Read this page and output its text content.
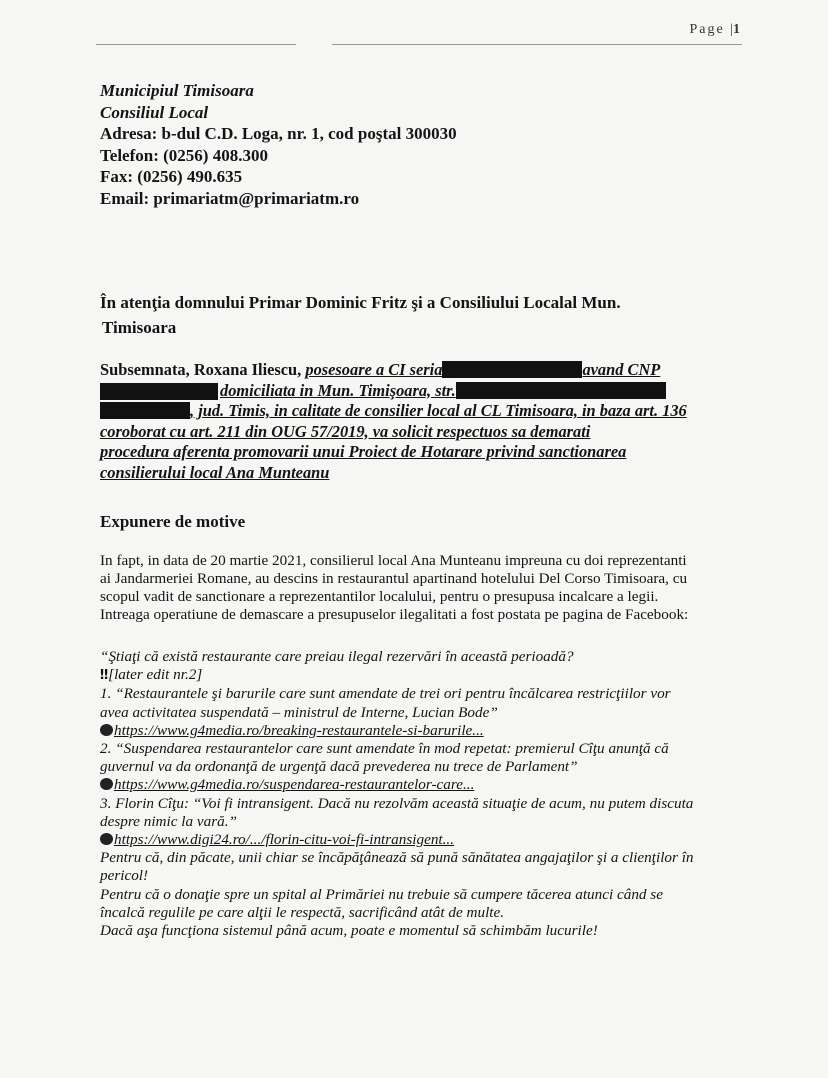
Page |1
Municipiul Timisoara
Consiliul Local
Adresa: b-dul C.D. Loga, nr. 1, cod poştal 300030
Telefon: (0256) 408.300
Fax: (0256) 490.635
Email: primariatm@primariatm.ro
În atenţia domnului Primar Dominic Fritz şi a Consiliului Localal Mun.
Timisoara
Subsemnata, Roxana Iliescu, posesoare a CI seria	avand CNP
domiciliata in Mun. Timişoara, str.
, jud. Timis, in calitate de consilier local al CL Timisoara, in baza art. 136
coroborat cu art. 211 din OUG 57/2019, va solicit respectuos sa demarati
procedura aferenta promovarii unui Proiect de Hotarare privind sanctionarea
consilierului local Ana Munteanu
Expunere de motive
In fapt, in data de 20 martie 2021, consilierul local Ana Munteanu impreuna cu doi reprezentanti
ai Jandarmeriei Romane, au descins in restaurantul apartinand hotelului Del Corso Timisoara, cu
scopul vadit de sanctionare a reprezentantilor localului, pentru o presupusa incalcare a legii.
Intreaga operatiune de demascare a presupuselor ilegalitati a fost postata pe pagina de Facebook:
“Ştiaţi că există restaurante care preiau ilegal rezervări în această perioadă?
‼[later edit nr.2]
1. “Restaurantele şi barurile care sunt amendate de trei ori pentru încălcarea restricţiilor vor
avea activitatea suspendată – ministrul de Interne, Lucian Bode”
https://www.g4media.ro/breaking-restaurantele-si-barurile...
2. “Suspendarea restaurantelor care sunt amendate în mod repetat: premierul Cîţu anunţă că
guvernul va da ordonanţă de urgenţă dacă prevederea nu trece de Parlament”
https://www.g4media.ro/suspendarea-restaurantelor-care...
3. Florin Cîţu: “Voi fi intransigent. Dacă nu rezolvăm această situaţie de acum, nu putem discuta
despre nimic la vară.”
https://www.digi24.ro/.../florin-citu-voi-fi-intransigent...
Pentru că, din păcate, unii chiar se încăpăţânează să pună sănătatea angajaţilor şi a clienţilor în
pericol!
Pentru că o donaţie spre un spital al Primăriei nu trebuie să cumpere tăcerea atunci când se
încalcă regulile pe care alţii le respectă, sacrificând atât de multe.
Dacă aşa funcţiona sistemul până acum, poate e momentul să schimbăm lucurile!
